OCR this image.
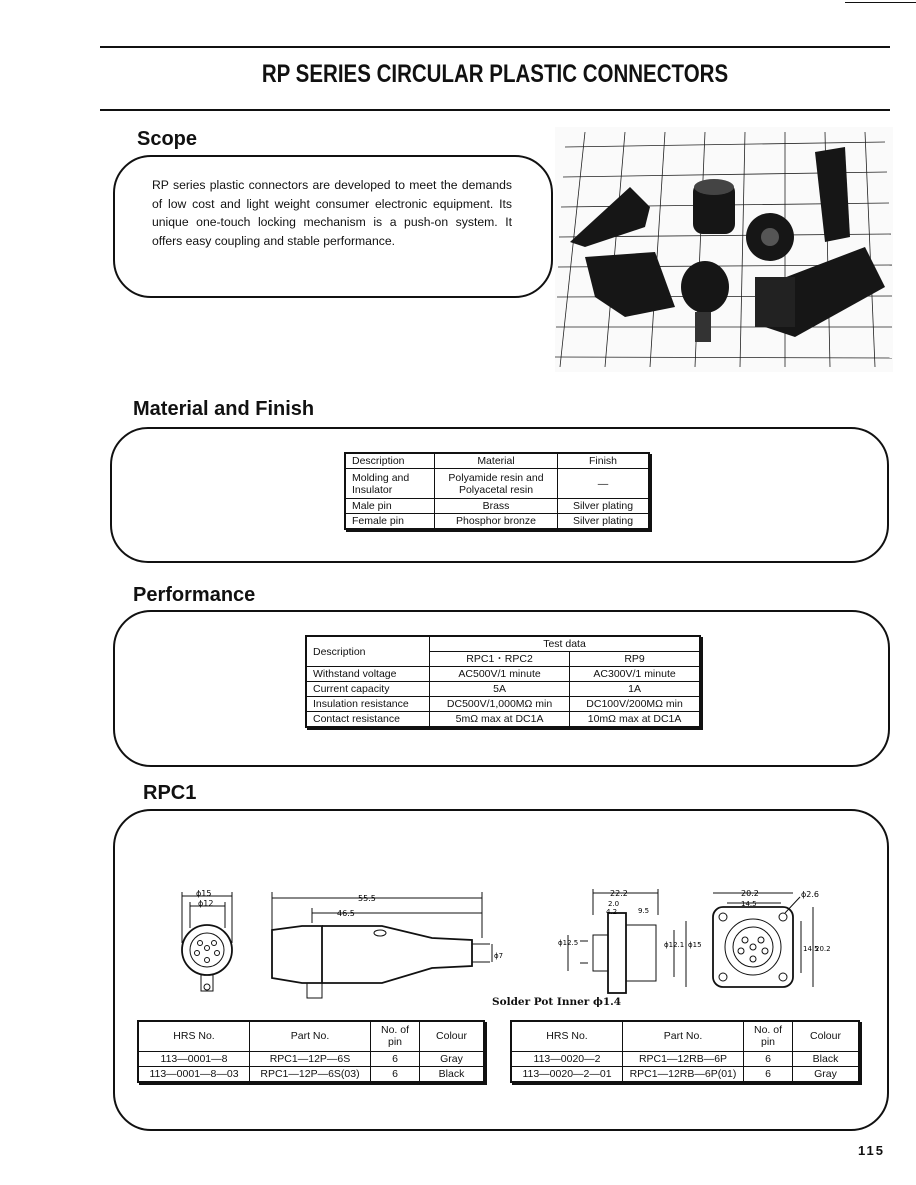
RP SERIES CIRCULAR PLASTIC CONNECTORS
Scope
RP series plastic connectors are developed to meet the demands of low cost and light weight consumer electronic equipment. Its unique one-touch locking mechanism is a push-on system. It offers easy coupling and stable performance.
Material and Finish
Description	Material	Finish
Molding and Insulator	Polyamide resin and Polyacetal resin	—
Male pin	Brass	Silver plating
Female pin	Phosphor bronze	Silver plating
Performance
Description	Test data	
	RPC1・RPC2	RP9
Withstand voltage	AC500V/1 minute	AC300V/1 minute
Current capacity	5A	1A
Insulation resistance	DC500V/1,000MΩ min	DC100V/200MΩ min
Contact resistance	5mΩ max at DC1A	10mΩ max at DC1A
RPC1
ϕ15
ϕ12
55.5
46.5
ϕ7
22.2
2.0
4.2	9.5
ϕ12.5	ϕ12.1 ϕ15
20.2
14.5
ϕ2.6
14.5
20.2
Solder Pot Inner ϕ1.4
HRS No.	Part No.	No. of pin	Colour
113—0001—8	RPC1—12P—6S	6	Gray
113—0001—8—03	RPC1—12P—6S(03)	6	Black
HRS No.	Part No.	No. of pin	Colour
113—0020—2	RPC1—12RB—6P	6	Black
113—0020—2—01	RPC1—12RB—6P(01)	6	Gray
115
